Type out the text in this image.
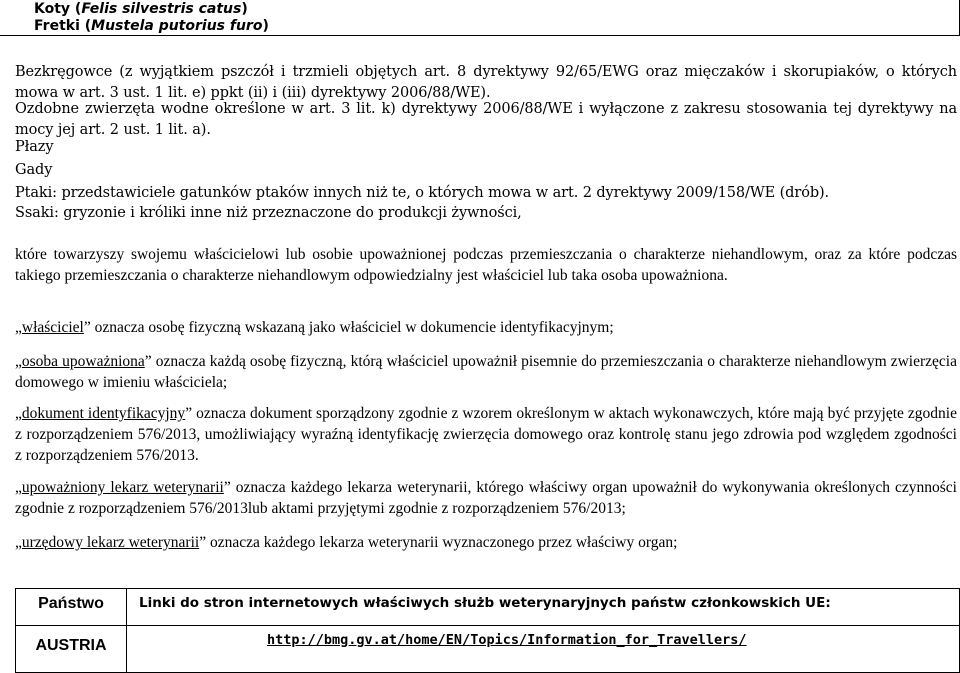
Koty (Felis silvestris catus)
Fretki (Mustela putorius furo)
Bezkręgowce (z wyjątkiem pszczół i trzmieli objętych art. 8 dyrektywy 92/65/EWG oraz mięczaków i skorupiaków, o których mowa w art. 3 ust. 1 lit. e) ppkt (ii) i (iii) dyrektywy 2006/88/WE).
Ozdobne zwierzęta wodne określone w art. 3 lit. k) dyrektywy 2006/88/WE i wyłączone z zakresu stosowania tej dyrektywy na mocy jej art. 2 ust. 1 lit. a).
Płazy
Gady
Ptaki: przedstawiciele gatunków ptaków innych niż te, o których mowa w art. 2 dyrektywy 2009/158/WE (drób).
Ssaki: gryzonie i króliki inne niż przeznaczone do produkcji żywności,
które towarzyszy swojemu właścicielowi lub osobie upoważnionej podczas przemieszczania o charakterze niehandlowym, oraz za które podczas takiego przemieszczania o charakterze niehandlowym odpowiedzialny jest właściciel lub taka osoba upoważniona.
„właściciel” oznacza osobę fizyczną wskazaną jako właściciel w dokumencie identyfikacyjnym;
„osoba upoważniona” oznacza każdą osobę fizyczną, którą właściciel upoważnił pisemnie do przemieszczania o charakterze niehandlowym zwierzęcia domowego w imieniu właściciela;
„dokument identyfikacyjny” oznacza dokument sporządzony zgodnie z wzorem określonym w aktach wykonawczych, które mają być przyjęte zgodnie z rozporządzeniem 576/2013, umożliwiający wyraźną identyfikację zwierzęcia domowego oraz kontrolę stanu jego zdrowia pod względem zgodności z rozporządzeniem 576/2013.
„upoważniony lekarz weterynarii” oznacza każdego lekarza weterynarii, którego właściwy organ upoważnił do wykonywania określonych czynności zgodnie z rozporządzeniem 576/2013lub aktami przyjętymi zgodnie z rozporządzeniem 576/2013;
„urzędowy lekarz weterynarii” oznacza każdego lekarza weterynarii wyznaczonego przez właściwy organ;
Państwo	Linki do stron internetowych właściwych służb weterynaryjnych państw członkowskich UE:
AUSTRIA	http://bmg.gv.at/home/EN/Topics/Information_for_Travellers/
